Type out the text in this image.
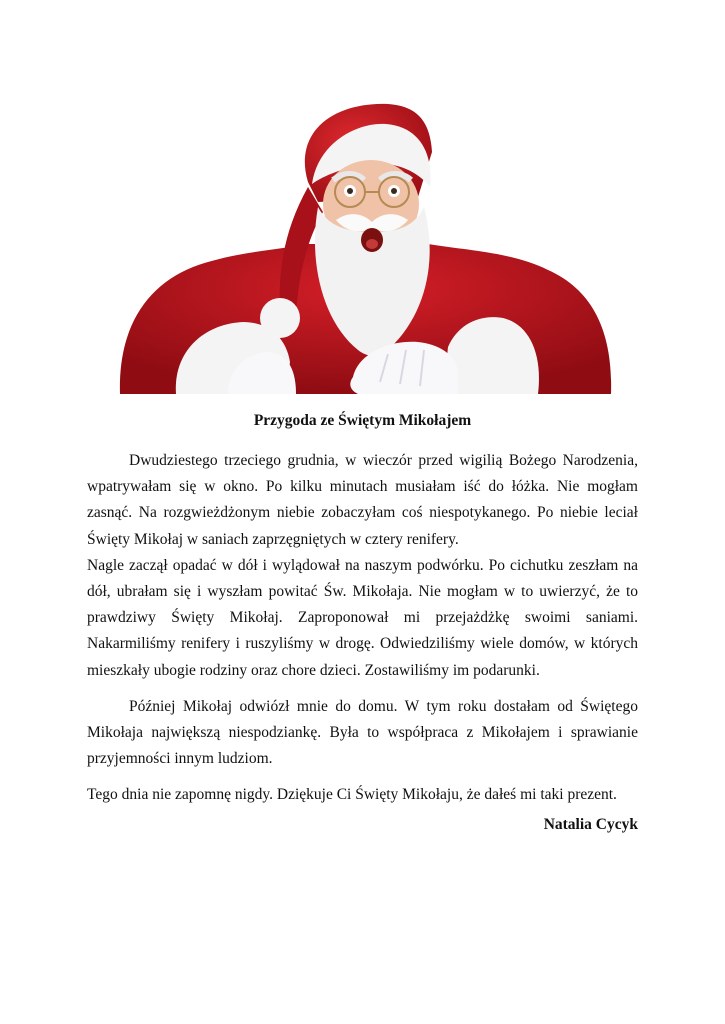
Przygoda ze Świętym Mikołajem

Dwudziestego trzeciego grudnia, w wieczór przed wigilią Bożego Narodzenia, wpatrywałam się w okno. Po kilku minutach musiałam iść do łóżka. Nie mogłam zasnąć. Na rozgwieżdżonym niebie zobaczyłam coś niespotykanego. Po niebie leciał Święty Mikołaj w saniach zaprzęgniętych w cztery renifery.

Nagle zaczął opadać w dół i wylądował na naszym podwórku. Po cichutku zeszłam na dół, ubrałam się i wyszłam powitać Św. Mikołaja. Nie mogłam w to uwierzyć, że to prawdziwy Święty Mikołaj. Zaproponował mi przejażdżkę swoimi saniami. Nakarmiliśmy renifery i ruszyliśmy w drogę. Odwiedziliśmy wiele domów, w których mieszkały ubogie rodziny oraz chore dzieci. Zostawiliśmy im podarunki.

Później Mikołaj odwiózł mnie do domu. W tym roku dostałam od Świętego Mikołaja największą niespodziankę. Była to współpraca z Mikołajem i sprawianie przyjemności innym ludziom.

Tego dnia nie zapomnę nigdy. Dziękuje Ci Święty Mikołaju, że dałeś mi taki prezent.

Natalia Cycyk
